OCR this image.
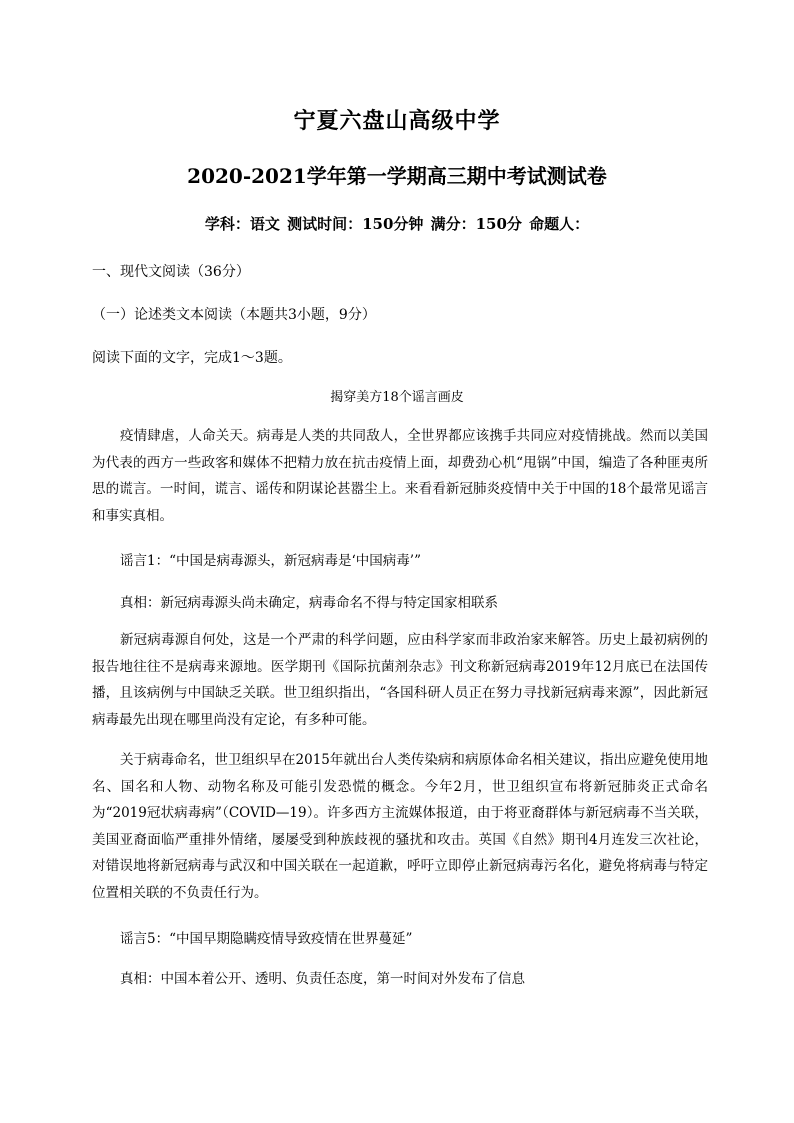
宁夏六盘山高级中学
2020-2021学年第一学期高三期中考试测试卷
学科：语文 测试时间：150分钟 满分：150分 命题人：
一、现代文阅读（36分）
（一）论述类文本阅读（本题共3小题，9分）
阅读下面的文字，完成1～3题。
揭穿美方18个谣言画皮

疫情肆虐，人命关天。病毒是人类的共同敌人，全世界都应该携手共同应对疫情挑战。然而以美国为代表的西方一些政客和媒体不把精力放在抗击疫情上面，却费劲心机“甩锅”中国，编造了各种匪夷所思的谎言。一时间，谎言、谣传和阴谋论甚嚣尘上。来看看新冠肺炎疫情中关于中国的18个最常见谣言和事实真相。

谣言1：“中国是病毒源头，新冠病毒是‘中国病毒’”

真相：新冠病毒源头尚未确定，病毒命名不得与特定国家相联系

新冠病毒源自何处，这是一个严肃的科学问题，应由科学家而非政治家来解答。历史上最初病例的报告地往往不是病毒来源地。医学期刊《国际抗菌剂杂志》刊文称新冠病毒2019年12月底已在法国传播，且该病例与中国缺乏关联。世卫组织指出，“各国科研人员正在努力寻找新冠病毒来源”，因此新冠病毒最先出现在哪里尚没有定论，有多种可能。

关于病毒命名，世卫组织早在2015年就出台人类传染病和病原体命名相关建议，指出应避免使用地名、国名和人物、动物名称及可能引发恐慌的概念。今年2月，世卫组织宣布将新冠肺炎正式命名为“2019冠状病毒病”（COVID—19）。许多西方主流媒体报道，由于将亚裔群体与新冠病毒不当关联，美国亚裔面临严重排外情绪，屡屡受到种族歧视的骚扰和攻击。英国《自然》期刊4月连发三次社论，对错误地将新冠病毒与武汉和中国关联在一起道歉，呼吁立即停止新冠病毒污名化，避免将病毒与特定位置相关联的不负责任行为。

谣言5：“中国早期隐瞒疫情导致疫情在世界蔓延”

真相：中国本着公开、透明、负责任态度，第一时间对外发布了信息
